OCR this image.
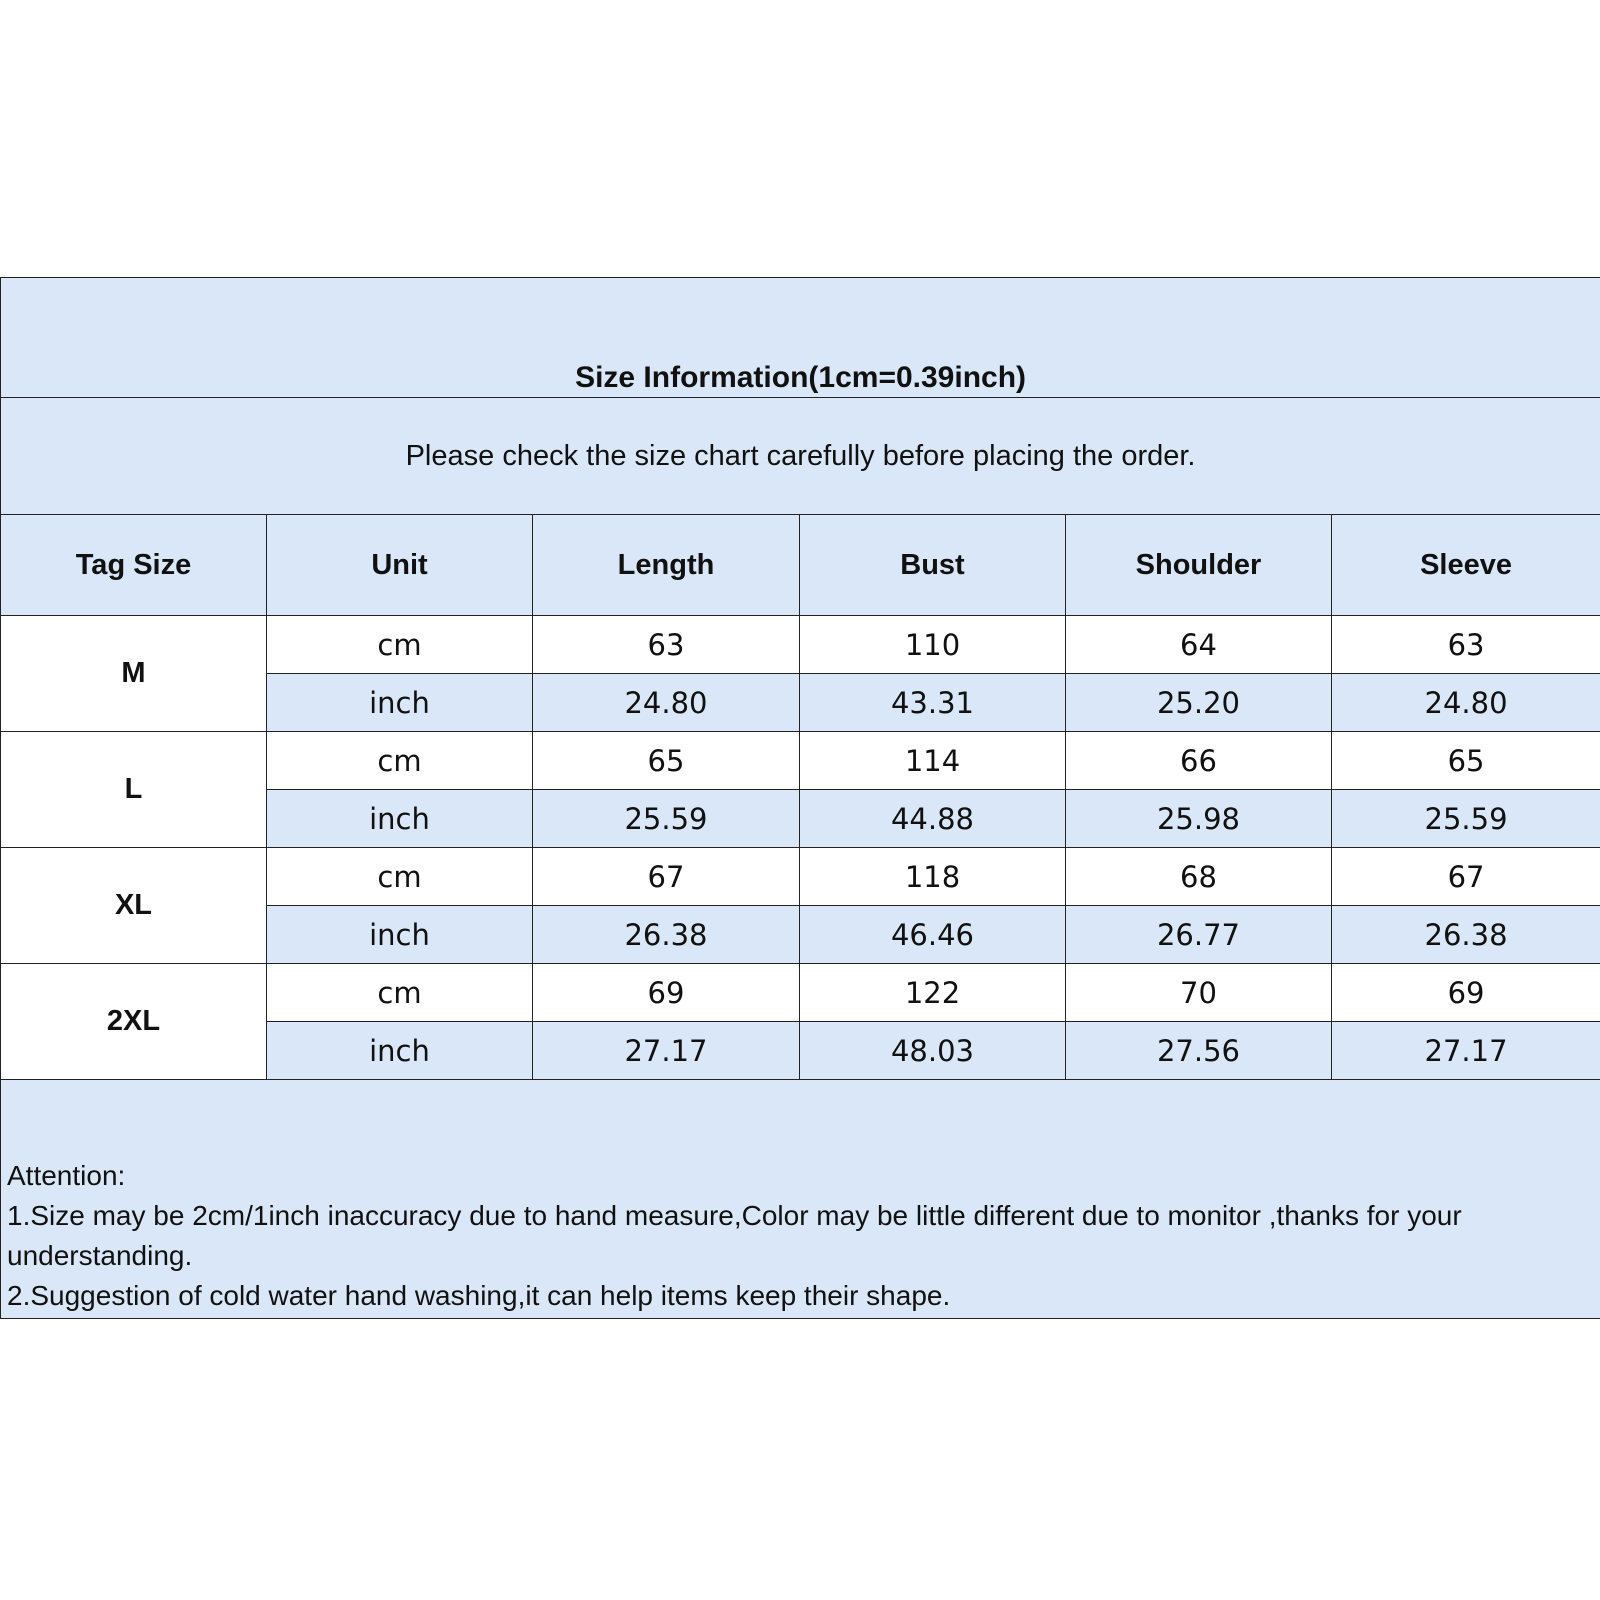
Size Information(1cm=0.39inch)					
Please check the size chart carefully before placing the order.					
Tag Size	Unit	Length	Bust	Shoulder	Sleeve
M	cm	63	110	64	63
	inch	24.80	43.31	25.20	24.80
L	cm	65	114	66	65
	inch	25.59	44.88	25.98	25.59
XL	cm	67	118	68	67
	inch	26.38	46.46	26.77	26.38
2XL	cm	69	122	70	69
	inch	27.17	48.03	27.56	27.17

Attention:
1.Size may be 2cm/1inch inaccuracy due to hand measure,Color may be little different due to monitor ,thanks for your understanding.
2.Suggestion of cold water hand washing,it can help items keep their shape.					
